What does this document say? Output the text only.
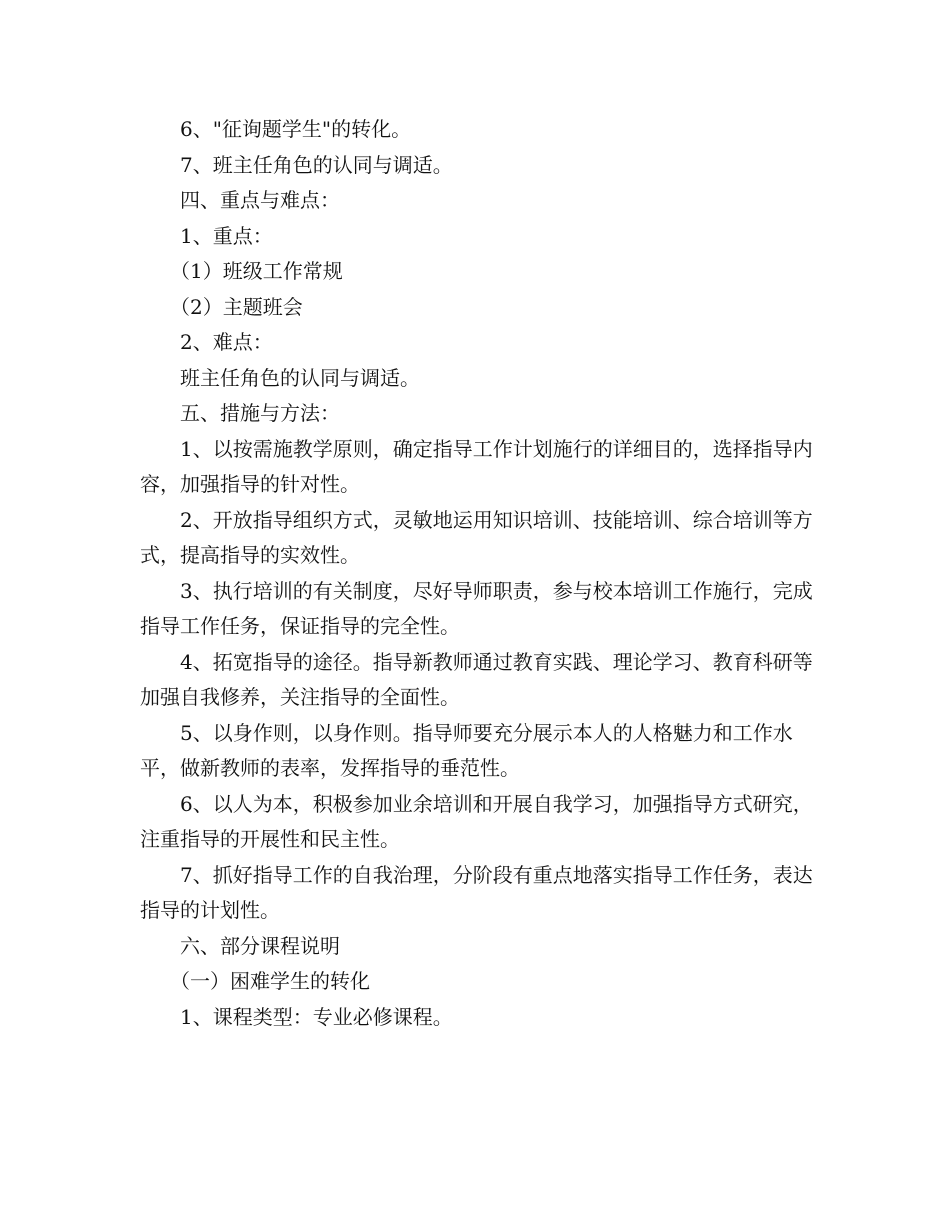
6、"征询题学生"的转化。

7、班主任角色的认同与调适。

四、重点与难点：

1、重点：

（1）班级工作常规

（2）主题班会

2、难点：

班主任角色的认同与调适。

五、措施与方法：

1、以按需施教学原则，确定指导工作计划施行的详细目的，选择指导内容，加强指导的针对性。

2、开放指导组织方式，灵敏地运用知识培训、技能培训、综合培训等方式，提高指导的实效性。

3、执行培训的有关制度，尽好导师职责，参与校本培训工作施行，完成指导工作任务，保证指导的完全性。

4、拓宽指导的途径。指导新教师通过教育实践、理论学习、教育科研等加强自我修养，关注指导的全面性。

5、以身作则，以身作则。指导师要充分展示本人的人格魅力和工作水平，做新教师的表率，发挥指导的垂范性。

6、以人为本，积极参加业余培训和开展自我学习，加强指导方式研究，注重指导的开展性和民主性。

7、抓好指导工作的自我治理，分阶段有重点地落实指导工作任务，表达指导的计划性。

六、部分课程说明

（一）困难学生的转化

1、课程类型：专业必修课程。
